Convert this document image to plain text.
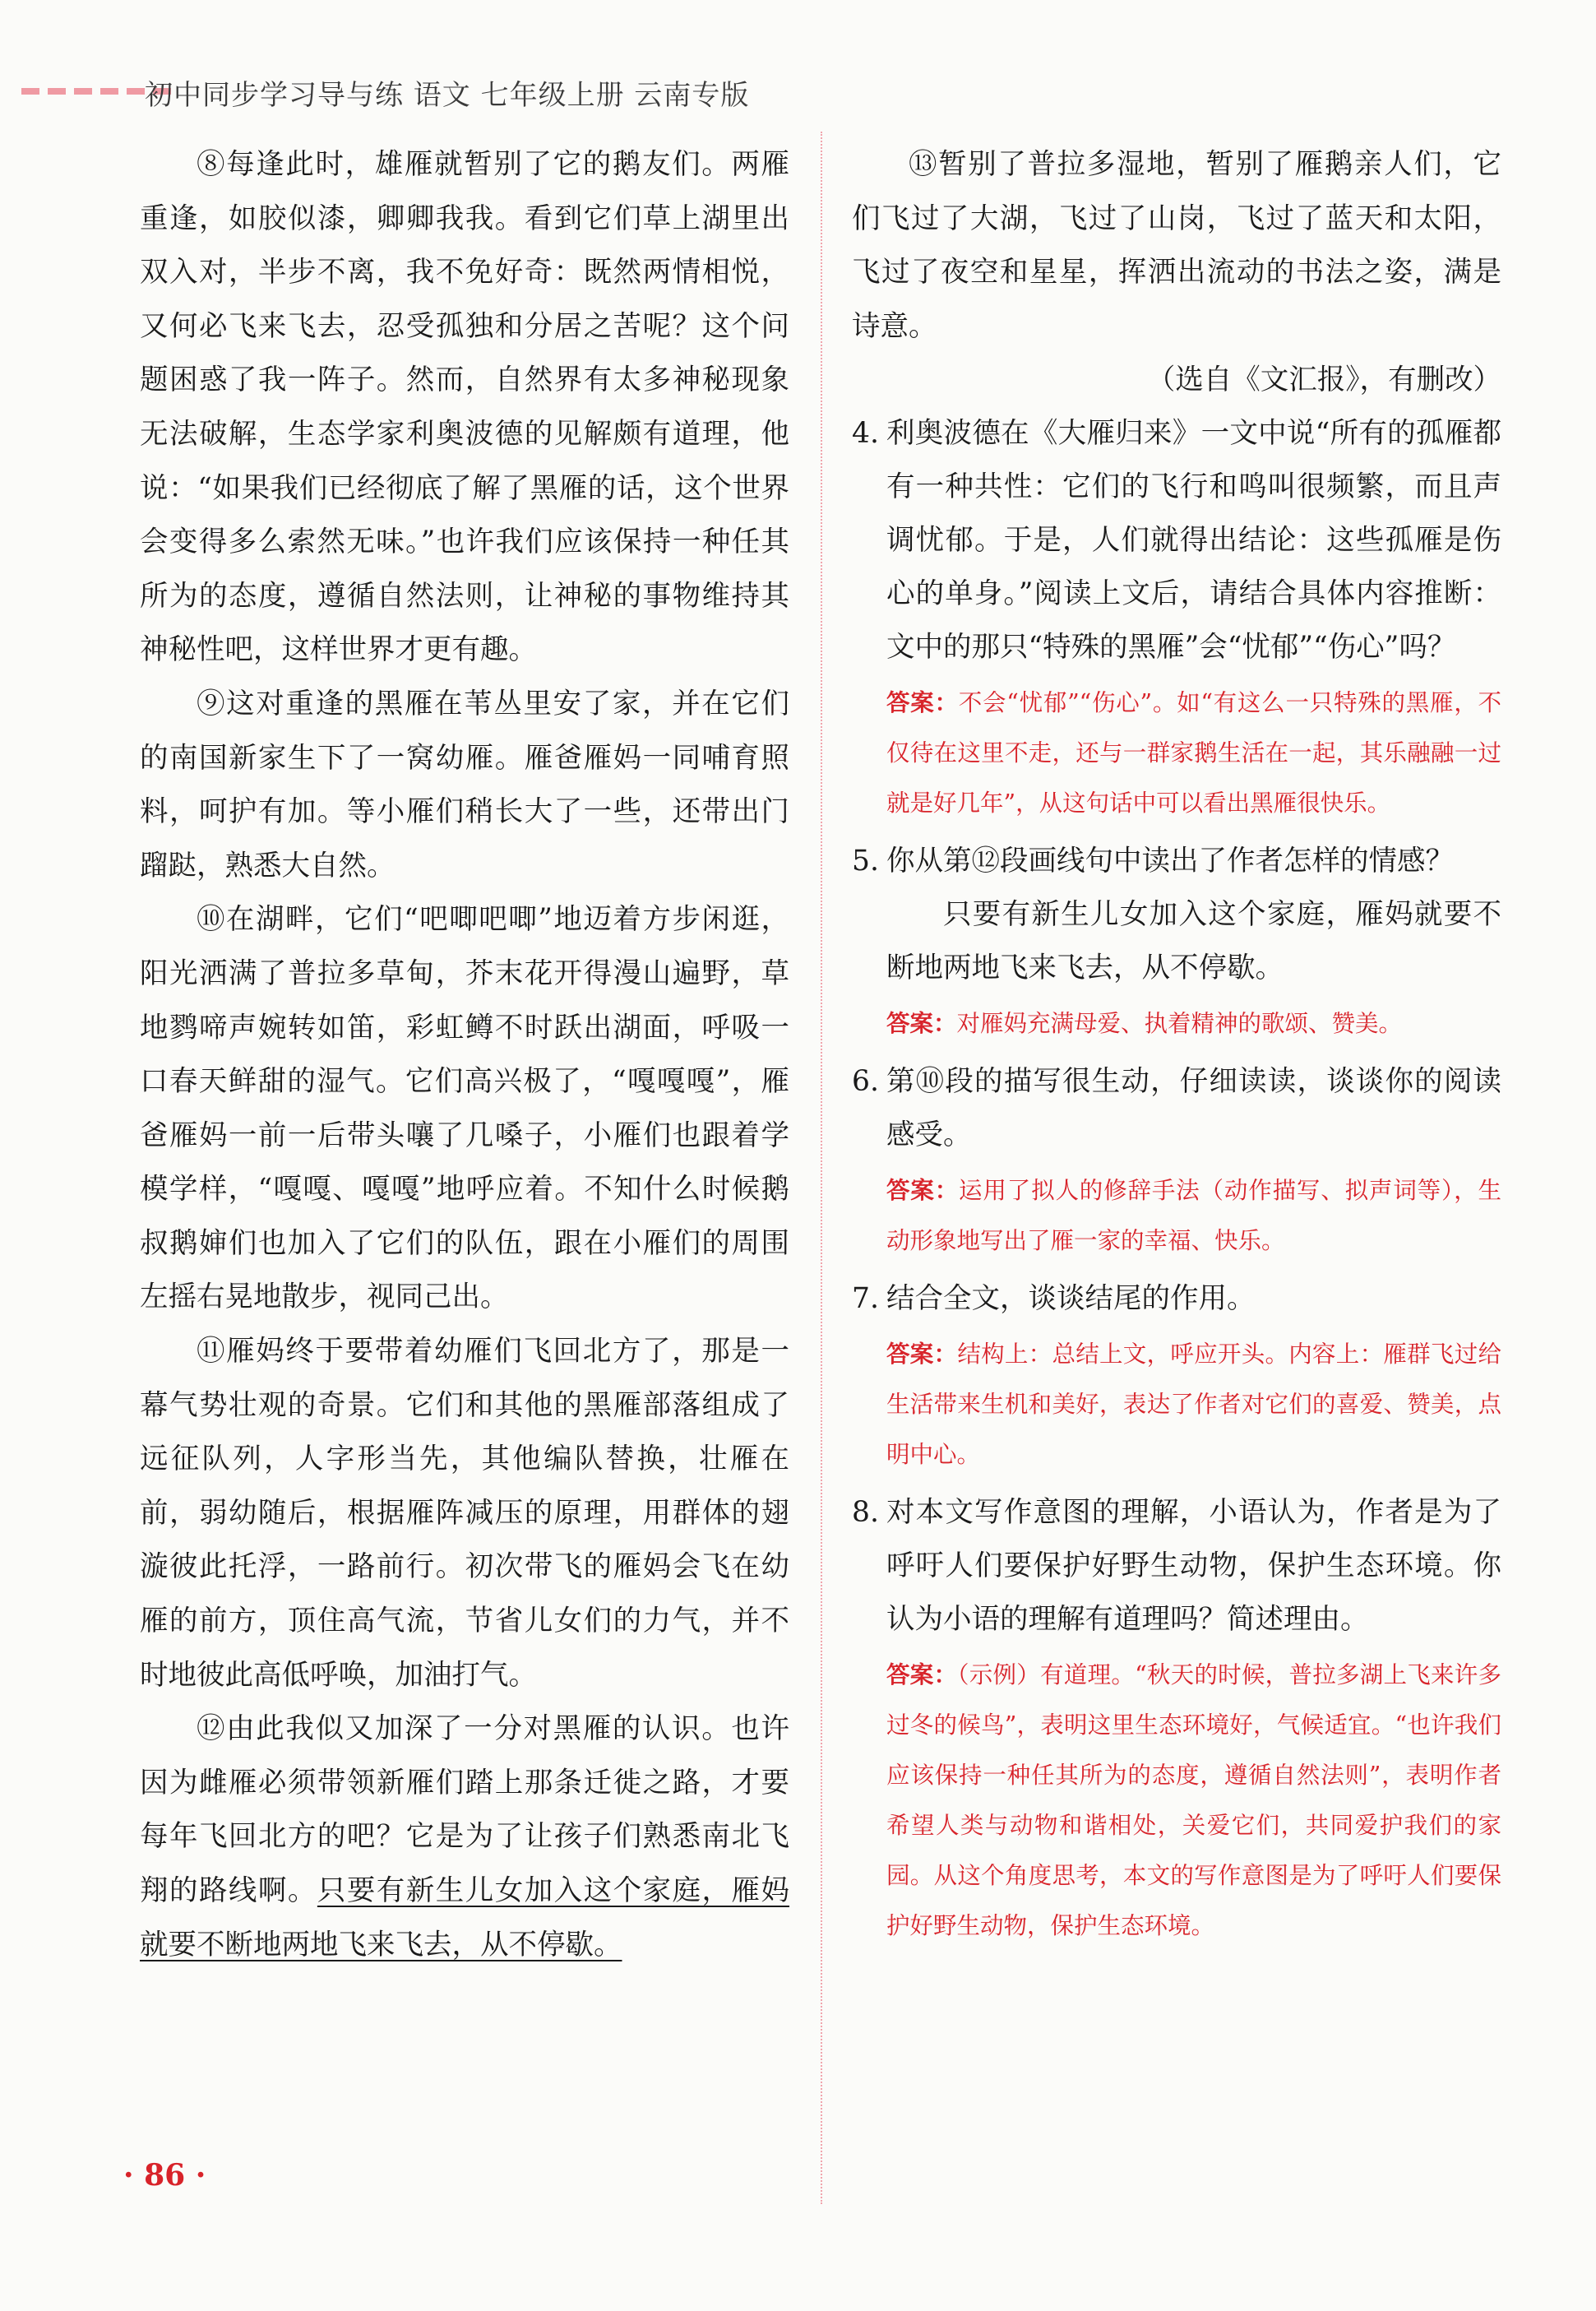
初中同步学习导与练 语文 七年级上册 云南专版

⑧每逢此时，雄雁就暂别了它的鹅友们。两雁重逢，如胶似漆，卿卿我我。看到它们草上湖里出双入对，半步不离，我不免好奇：既然两情相悦，又何必飞来飞去，忍受孤独和分居之苦呢？这个问题困惑了我一阵子。然而，自然界有太多神秘现象无法破解，生态学家利奥波德的见解颇有道理，他说：“如果我们已经彻底了解了黑雁的话，这个世界会变得多么索然无味。”也许我们应该保持一种任其所为的态度，遵循自然法则，让神秘的事物维持其神秘性吧，这样世界才更有趣。

⑨这对重逢的黑雁在苇丛里安了家，并在它们的南国新家生下了一窝幼雁。雁爸雁妈一同哺育照料，呵护有加。等小雁们稍长大了一些，还带出门蹓跶，熟悉大自然。

⑩在湖畔，它们“吧唧吧唧”地迈着方步闲逛，阳光洒满了普拉多草甸，芥末花开得漫山遍野，草地鹨啼声婉转如笛，彩虹鳟不时跃出湖面，呼吸一口春天鲜甜的湿气。它们高兴极了，“嘎嘎嘎”，雁爸雁妈一前一后带头嚷了几嗓子，小雁们也跟着学模学样，“嘎嘎、嘎嘎”地呼应着。不知什么时候鹅叔鹅婶们也加入了它们的队伍，跟在小雁们的周围左摇右晃地散步，视同己出。

⑪雁妈终于要带着幼雁们飞回北方了，那是一幕气势壮观的奇景。它们和其他的黑雁部落组成了远征队列，人字形当先，其他编队替换，壮雁在前，弱幼随后，根据雁阵减压的原理，用群体的翅漩彼此托浮，一路前行。初次带飞的雁妈会飞在幼雁的前方，顶住高气流，节省儿女们的力气，并不时地彼此高低呼唤，加油打气。

⑫由此我似又加深了一分对黑雁的认识。也许因为雌雁必须带领新雁们踏上那条迁徙之路，才要每年飞回北方的吧？它是为了让孩子们熟悉南北飞翔的路线啊。只要有新生儿女加入这个家庭，雁妈就要不断地两地飞来飞去，从不停歇。

⑬暂别了普拉多湿地，暂别了雁鹅亲人们，它们飞过了大湖，飞过了山岗，飞过了蓝天和太阳，飞过了夜空和星星，挥洒出流动的书法之姿，满是诗意。

（选自《文汇报》，有删改）

4. 利奥波德在《大雁归来》一文中说“所有的孤雁都有一种共性：它们的飞行和鸣叫很频繁，而且声调忧郁。于是，人们就得出结论：这些孤雁是伤心的单身。”阅读上文后，请结合具体内容推断：文中的那只“特殊的黑雁”会“忧郁”“伤心”吗？

答案：不会“忧郁”“伤心”。如“有这么一只特殊的黑雁，不仅待在这里不走，还与一群家鹅生活在一起，其乐融融一过就是好几年”，从这句话中可以看出黑雁很快乐。

5. 你从第⑫段画线句中读出了作者怎样的情感？

只要有新生儿女加入这个家庭，雁妈就要不断地两地飞来飞去，从不停歇。

答案：对雁妈充满母爱、执着精神的歌颂、赞美。

6. 第⑩段的描写很生动，仔细读读，谈谈你的阅读感受。

答案：运用了拟人的修辞手法（动作描写、拟声词等），生动形象地写出了雁一家的幸福、快乐。

7. 结合全文，谈谈结尾的作用。

答案：结构上：总结上文，呼应开头。内容上：雁群飞过给生活带来生机和美好，表达了作者对它们的喜爱、赞美，点明中心。

8. 对本文写作意图的理解，小语认为，作者是为了呼吁人们要保护好野生动物，保护生态环境。你认为小语的理解有道理吗？简述理由。

答案：（示例）有道理。“秋天的时候，普拉多湖上飞来许多过冬的候鸟”，表明这里生态环境好，气候适宜。“也许我们应该保持一种任其所为的态度，遵循自然法则”，表明作者希望人类与动物和谐相处，关爱它们，共同爱护我们的家园。从这个角度思考，本文的写作意图是为了呼吁人们要保护好野生动物，保护生态环境。

· 86 ·
